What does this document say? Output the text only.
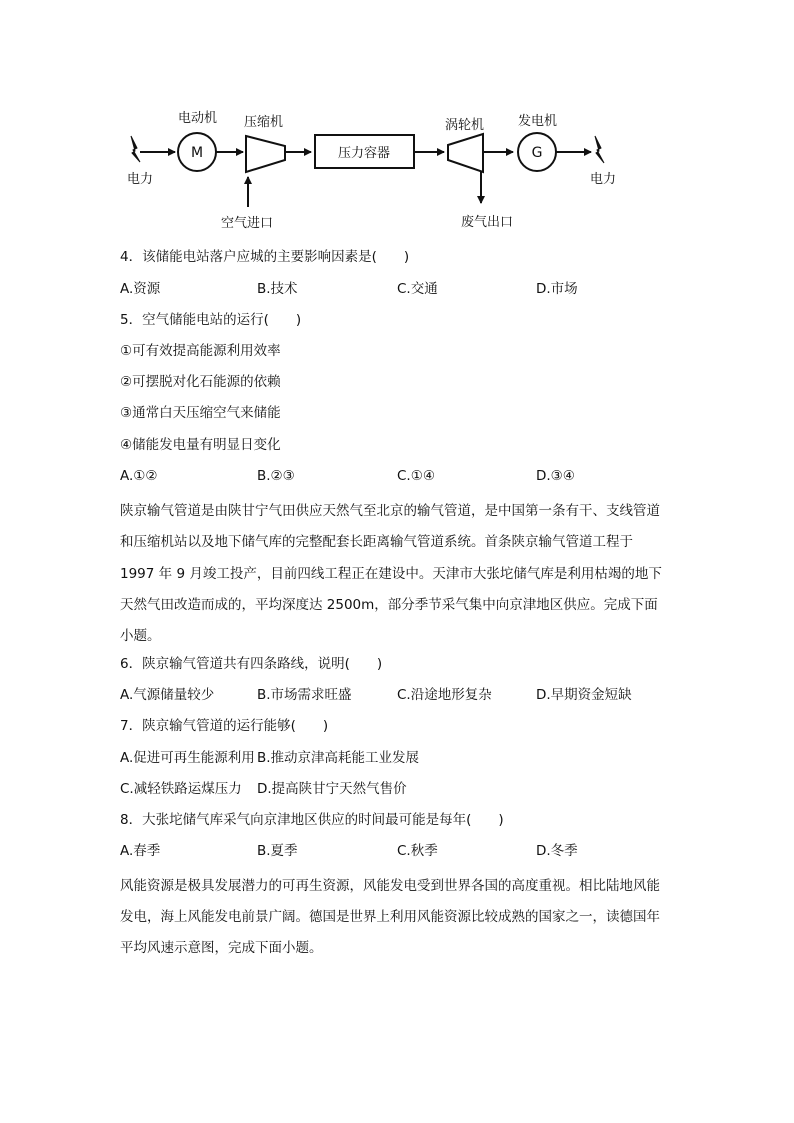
电力
电动机
M
压缩机
空气进口
压力容器
涡轮机
废气出口
发电机
G
电力
4．该储能电站落户应城的主要影响因素是(　　)
A.资源	B.技术	C.交通	D.市场
5．空气储能电站的运行(　　)
①可有效提高能源利用效率
②可摆脱对化石能源的依赖
③通常白天压缩空气来储能
④储能发电量有明显日变化
A.①②	B.②③	C.①④	D.③④
陕京输气管道是由陕甘宁气田供应天然气至北京的输气管道，是中国第一条有干、支线管道
和压缩机站以及地下储气库的完整配套长距离输气管道系统。首条陕京输气管道工程于
1997 年 9 月竣工投产，目前四线工程正在建设中。天津市大张坨储气库是利用枯竭的地下
天然气田改造而成的，平均深度达 2500m，部分季节采气集中向京津地区供应。完成下面
小题。
6．陕京输气管道共有四条路线，说明(　　)
A.气源储量较少	B.市场需求旺盛	C.沿途地形复杂	D.早期资金短缺
7．陕京输气管道的运行能够(　　)
A.促进可再生能源利用 B.推动京津高耗能工业发展
C.减轻铁路运煤压力 D.提高陕甘宁天然气售价
8．大张坨储气库采气向京津地区供应的时间最可能是每年(　　)
A.春季	B.夏季	C.秋季	D.冬季
风能资源是极具发展潜力的可再生资源，风能发电受到世界各国的高度重视。相比陆地风能
发电，海上风能发电前景广阔。德国是世界上利用风能资源比较成熟的国家之一，读德国年
平均风速示意图，完成下面小题。
